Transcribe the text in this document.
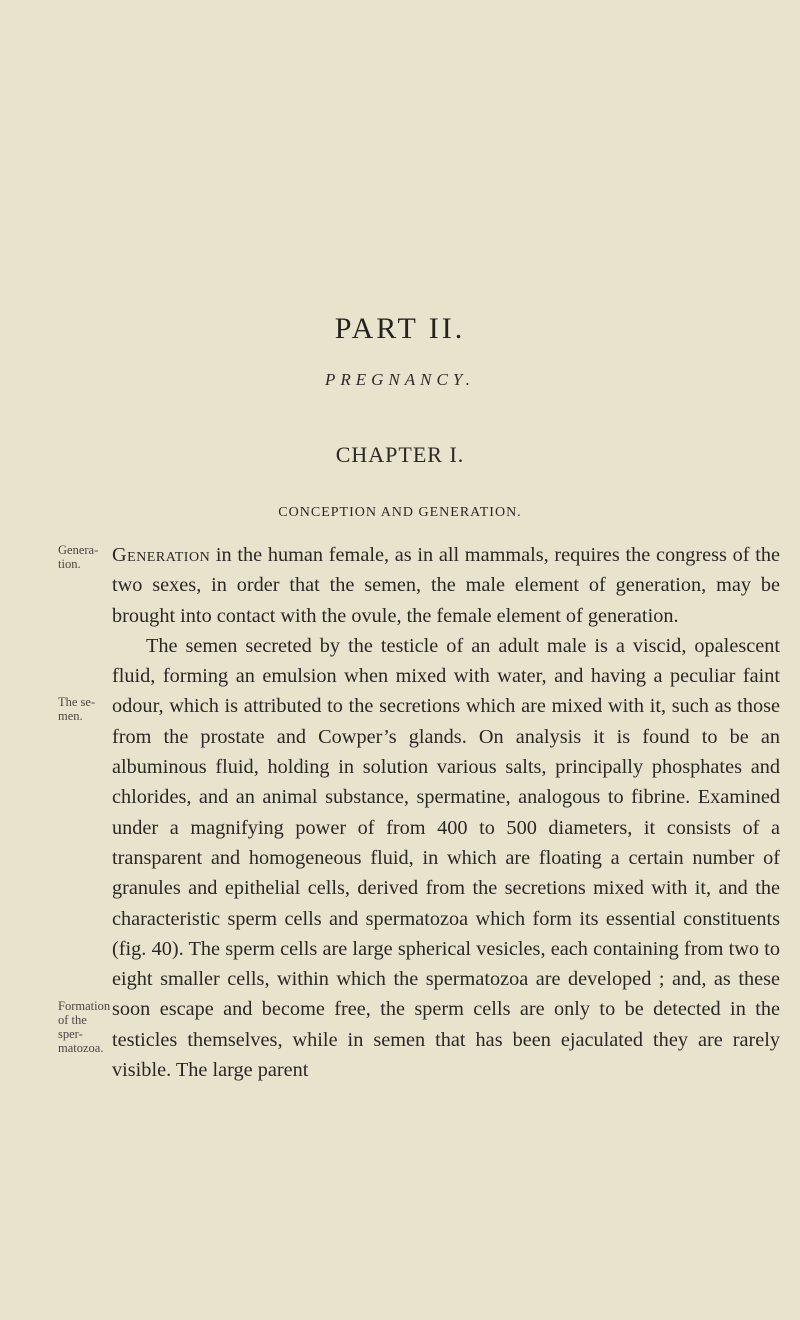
PART II.
PREGNANCY.
CHAPTER I.
CONCEPTION AND GENERATION.
Genera-
tion.
The se-
men.
Formation
of the sper-
matozoa.

Generation in the human female, as in all mammals, requires the congress of the two sexes, in order that the semen, the male element of generation, may be brought into contact with the ovule, the female element of generation.

The semen secreted by the testicle of an adult male is a viscid, opalescent fluid, forming an emulsion when mixed with water, and having a peculiar faint odour, which is attributed to the secretions which are mixed with it, such as those from the prostate and Cowper’s glands. On analysis it is found to be an albuminous fluid, holding in solution various salts, principally phosphates and chlorides, and an animal substance, spermatine, analogous to fibrine. Examined under a magnifying power of from 400 to 500 diameters, it consists of a transparent and homogeneous fluid, in which are floating a certain number of granules and epithelial cells, derived from the secretions mixed with it, and the characteristic sperm cells and spermatozoa which form its essential constituents (fig. 40). The sperm cells are large spherical vesicles, each containing from two to eight smaller cells, within which the spermatozoa are developed ; and, as these soon escape and become free, the sperm cells are only to be detected in the testicles themselves, while in semen that has been ejaculated they are rarely visible. The large parent
